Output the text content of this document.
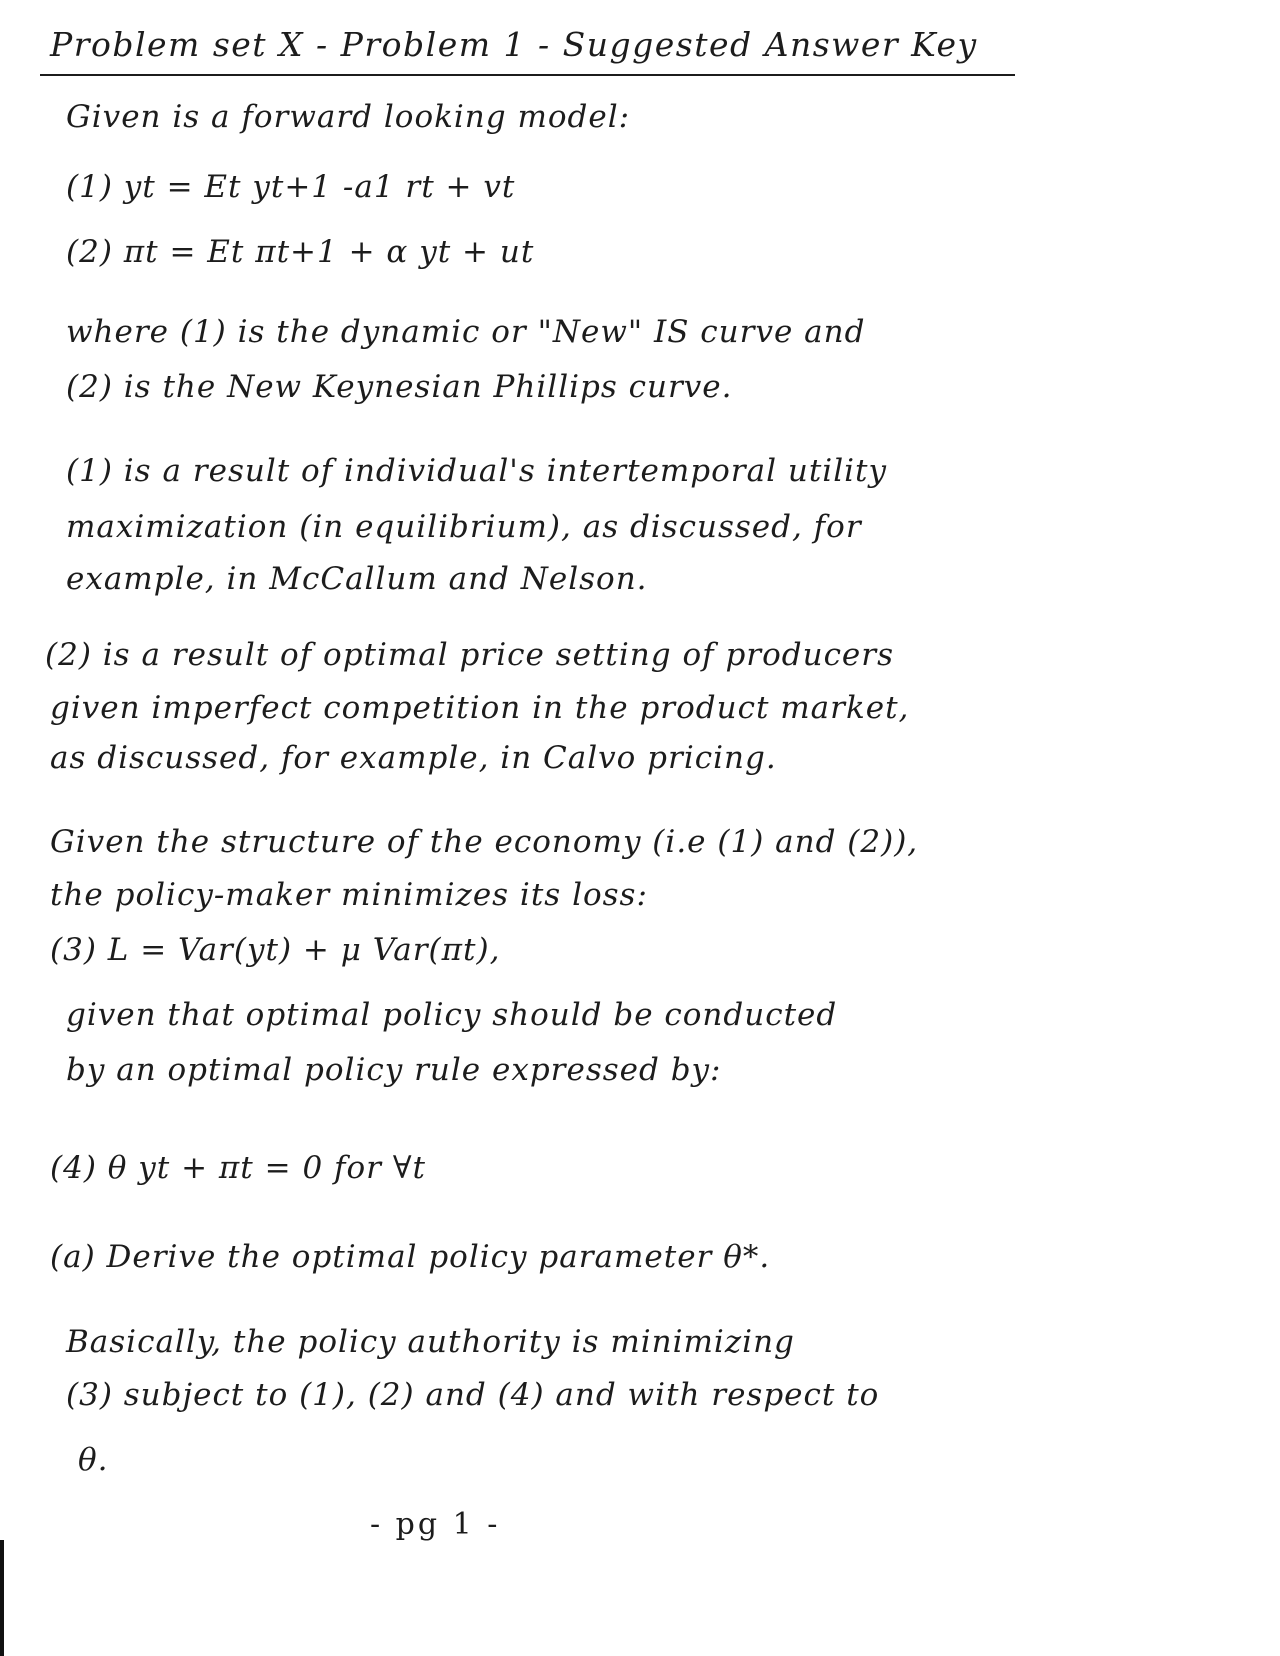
Problem set X - Problem 1 - Suggested Answer Key
Given is a forward looking model:
(1) yt = Et yt+1 -a1 rt + vt
(2) πt = Et πt+1 + α yt + ut
where (1) is the dynamic or "New" IS curve and
(2) is the New Keynesian Phillips curve.
(1) is a result of individual's intertemporal utility
maximization (in equilibrium), as discussed, for
example, in McCallum and Nelson.
(2) is a result of optimal price setting of producers
given imperfect competition in the product market,
as discussed, for example, in Calvo pricing.
Given the structure of the economy (i.e (1) and (2)),
the policy-maker minimizes its loss:
(3) L = Var(yt) + μ Var(πt),
given that optimal policy should be conducted
by an optimal policy rule expressed by:
(4) θ yt + πt = 0 for ∀t
(a) Derive the optimal policy parameter θ*.
Basically, the policy authority is minimizing
(3) subject to (1), (2) and (4) and with respect to
θ.
- pg 1 -
